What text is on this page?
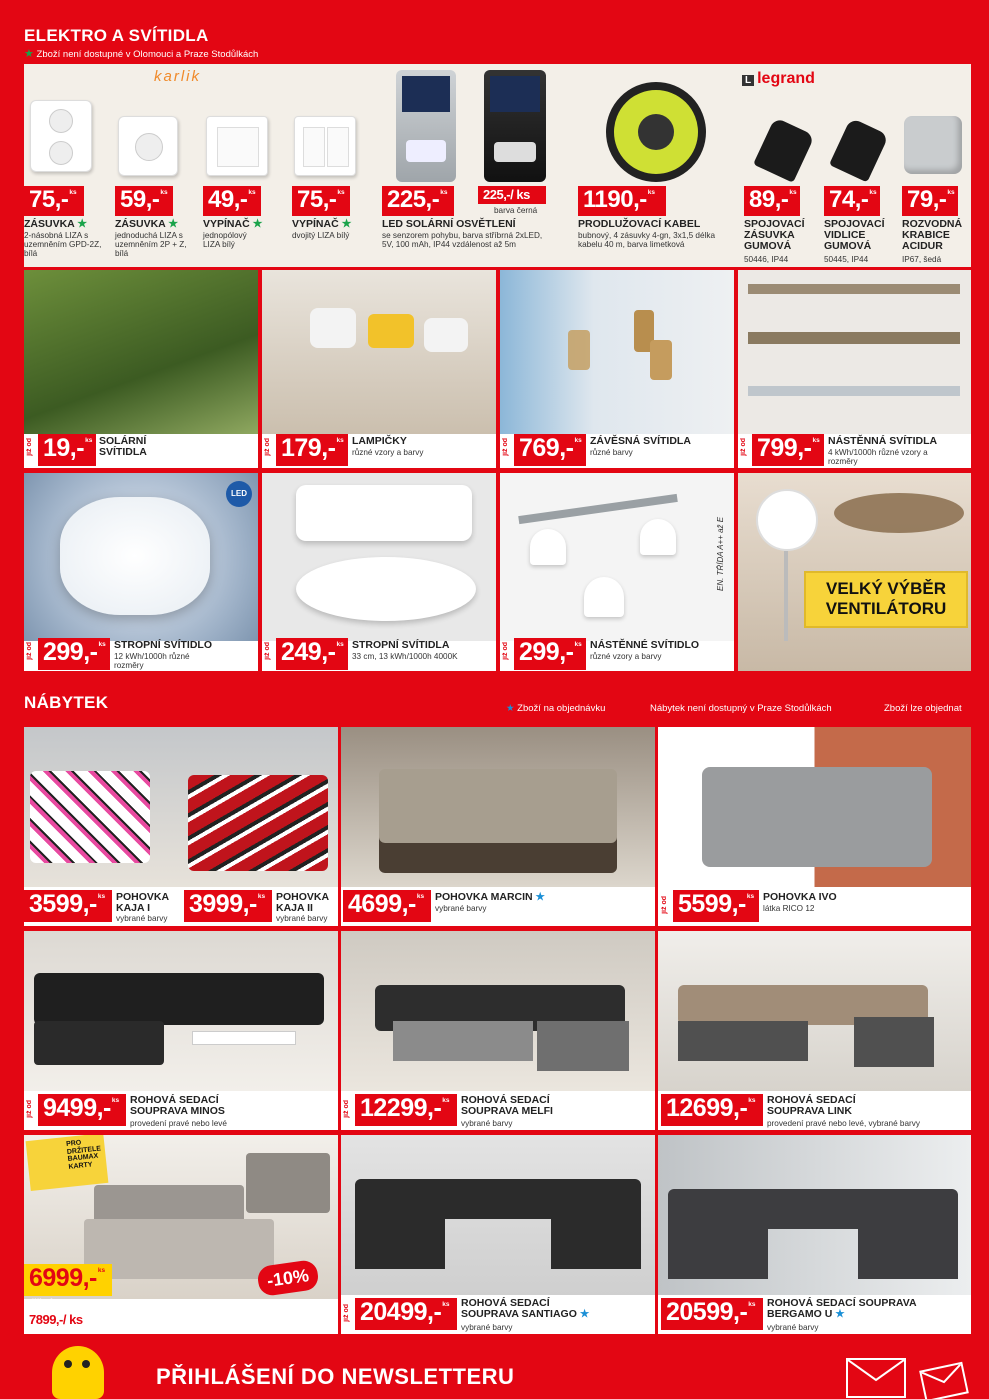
ELEKTRO A SVÍTIDLA
★ Zboží není dostupné v Olomouci a Praze Stodůlkách
karlik	L legrand
75,- ks
ZÁSUVKA ★
2-násobná LIZA s uzemněním GPD-2Z, bílá
59,- ks
ZÁSUVKA ★
jednoduchá LIZA s uzemněním 2P + Z, bílá
49,- ks
VYPÍNAČ ★
jednopólový LIZA bílý
75,- ks
VYPÍNAČ ★
dvojitý LIZA bílý
225,- ks
LED SOLÁRNÍ OSVĚTLENÍ
se senzorem pohybu, barva stříbrná 2xLED, 5V, 100 mAh, IP44 vzdálenost až 5m
225,-/ ks
barva černá 1190,- ks
PRODLUŽOVACÍ KABEL
bubnový, 4 zásuvky 4-gn, 3x1,5 délka kabelu 40 m, barva limetková
89,- ks
SPOJOVACÍ ZÁSUVKA GUMOVÁ
50446, IP44
74,- ks
SPOJOVACÍ VIDLICE GUMOVÁ
50445, IP44
79,- ks
ROZVODNÁ KRABICE ACIDUR
IP67, šedá
již od 19,- ks SOLÁRNÍ SVÍTIDLA	již od 179,- ks LAMPIČKY
různé vzory a barvy	již od 769,- ks ZÁVĚSNÁ SVÍTIDLA
různé barvy	již od 799,- ks NÁSTĚNNÁ SVÍTIDLA
4 kWh/1000h různé vzory a rozměry
LED
EN. TŘÍDA A++ až E	VELKÝ VÝBĚR VENTILÁTORU
již od 299,- ks STROPNÍ SVÍTIDLO
12 kWh/1000h různé rozměry
již od 249,- ks STROPNÍ SVÍTIDLA
33 cm, 13 kWh/1000h 4000K	již od 299,- ks NÁSTĚNNÉ SVÍTIDLO
různé vzory a barvy
NÁBYTEK	★ Zboží na objednávku	Nábytek není dostupný v Praze Stodůlkách	Zboží lze objednat
3599,- ks POHOVKA KAJA I
vybrané barvy
3999,- ks POHOVKA KAJA II
vybrané barvy
4699,- ks POHOVKA MARCIN ★
vybrané barvy	již od 5599,- ks POHOVKA IVO
látka RICO 12
již od 9499,- ks ROHOVÁ SEDACÍ SOUPRAVA MINOS
provedení pravé nebo levé
již od 12299,- ks ROHOVÁ SEDACÍ SOUPRAVA MELFI
vybrané barvy
12699,- ks ROHOVÁ SEDACÍ SOUPRAVA LINK
provedení pravé nebo levé, vybrané barvy
PRO DRŽITELE BAUMAX KARTY
-10%
6999,- ks
Běžná cena:
7899,-/ ks
POSTEL TOLEDO II
221,5x163x114 cm, spací plocha: 160x200 cm včetně roštu, sametová tkanina
již od 20499,- ks ROHOVÁ SEDACÍ SOUPRAVA SANTIAGO ★
vybrané barvy
20599,- ks ROHOVÁ SEDACÍ SOUPRAVA BERGAMO U ★
vybrané barvy
PŘIHLÁŠENÍ DO NEWSLETTERU
